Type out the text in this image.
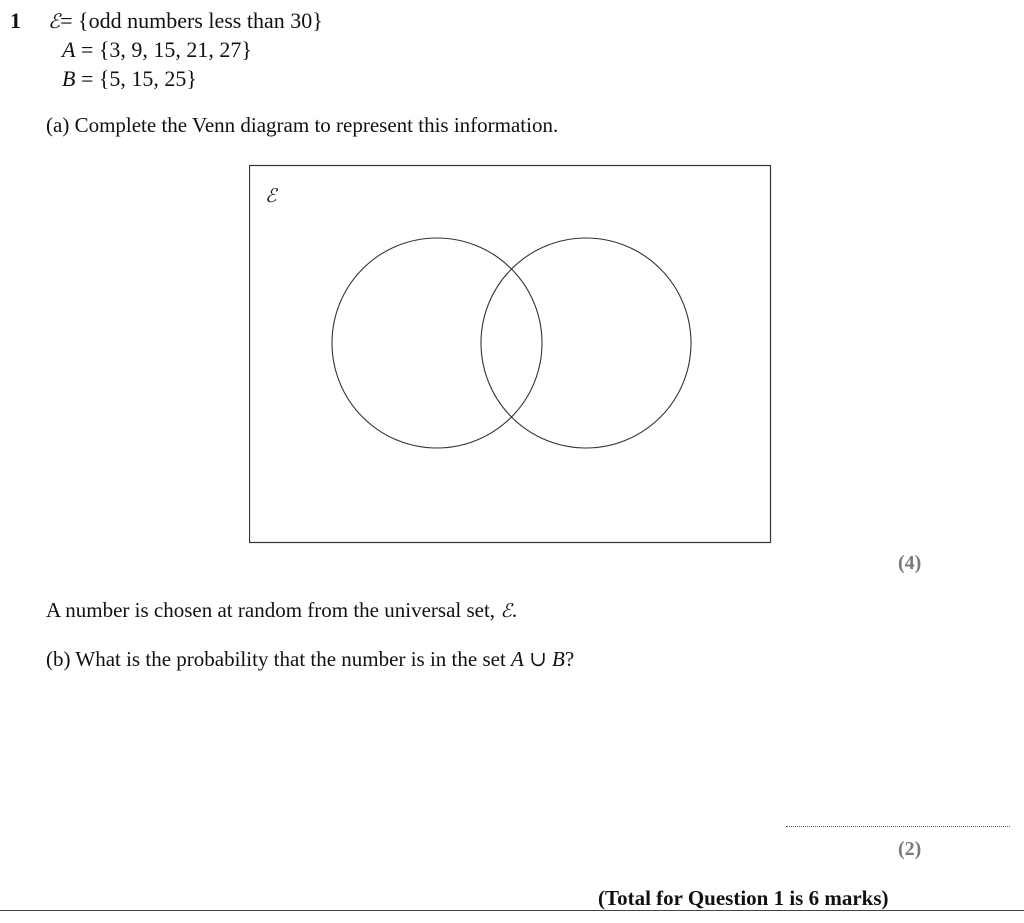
1 ℰ= {odd numbers less than 30}
A = {3, 9, 15, 21, 27}
B = {5, 15, 25}
(a) Complete the Venn diagram to represent this information.
ℰ
(4)
A number is chosen at random from the universal set, ℰ.
(b) What is the probability that the number is in the set A ∪ B?
(2)
(Total for Question 1 is 6 marks)
